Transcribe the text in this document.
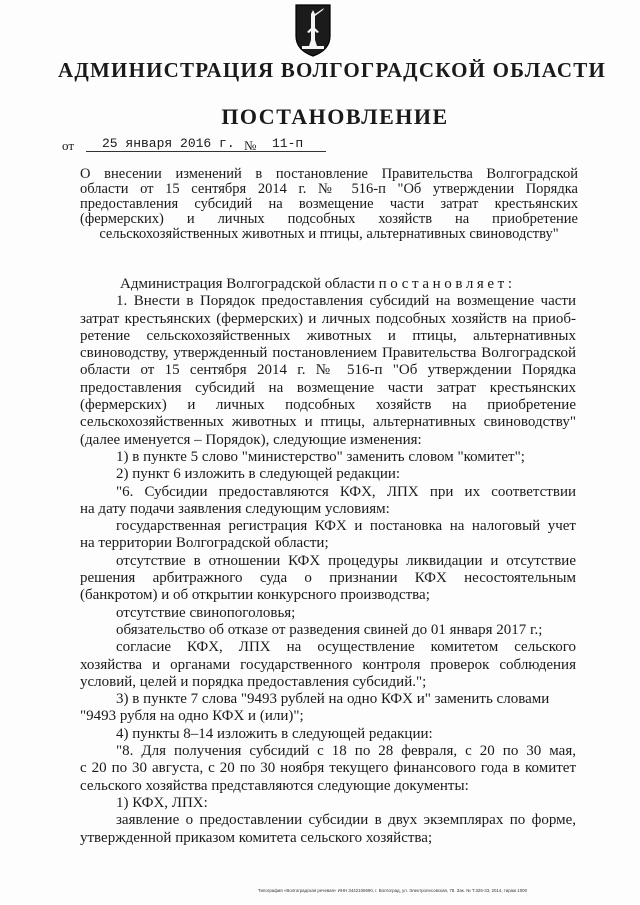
АДМИНИСТРАЦИЯ ВОЛГОГРАДСКОЙ ОБЛАСТИ
ПОСТАНОВЛЕНИЕ
от	25 января 2016 г. №	11-п

О внесении изменений в постановление Правительства Волгоградской
области от 15 сентября 2014 г. № 516-п "Об утверждении Порядка
предоставления субсидий на возмещение части затрат крестьянских
(фермерских) и личных подсобных хозяйств на приобретение
сельскохозяйственных животных и птицы, альтернативных свиноводству"

Администрация Волгоградской области постановляет:
1. Внести в Порядок предоставления субсидий на возмещение части
затрат крестьянских (фермерских) и личных подсобных хозяйств на приоб-
ретение сельскохозяйственных животных и птицы, альтернативных
свиноводству, утвержденный постановлением Правительства Волгоградской
области от 15 сентября 2014 г. № 516-п "Об утверждении Порядка
предоставления субсидий на возмещение части затрат крестьянских
(фермерских) и личных подсобных хозяйств на приобретение
сельскохозяйственных животных и птицы, альтернативных свиноводству"
(далее именуется – Порядок), следующие изменения:
1) в пункте 5 слово "министерство" заменить словом "комитет";
2) пункт 6 изложить в следующей редакции:
"6. Субсидии предоставляются КФХ, ЛПХ при их соответствии
на дату подачи заявления следующим условиям:
государственная регистрация КФХ и постановка на налоговый учет
на территории Волгоградской области;
отсутствие в отношении КФХ процедуры ликвидации и отсутствие
решения арбитражного суда о признании КФХ несостоятельным
(банкротом) и об открытии конкурсного производства;
отсутствие свинопоголовья;
обязательство об отказе от разведения свиней до 01 января 2017 г.;
согласие КФХ, ЛПХ на осуществление комитетом сельского
хозяйства и органами государственного контроля проверок соблюдения
условий, целей и порядка предоставления субсидий.";
3) в пункте 7 слова "9493 рублей на одно КФХ и" заменить словами
"9493 рубля на одно КФХ и (или)";
4) пункты 8–14 изложить в следующей редакции:
"8. Для получения субсидий с 18 по 28 февраля, с 20 по 30 мая,
с 20 по 30 августа, с 20 по 30 ноября текущего финансового года в комитет
сельского хозяйства представляются следующие документы:
1) КФХ, ЛПХ:
заявление о предоставлении субсидии в двух экземплярах по форме,
утвержденной приказом комитета сельского хозяйства;
Типография «Волгоградская речевая» ИНН 3442106690, г. Волгоград, ул. Электролесовская, 78. Зак. № Т.326-33, 2014, тираж 1000
